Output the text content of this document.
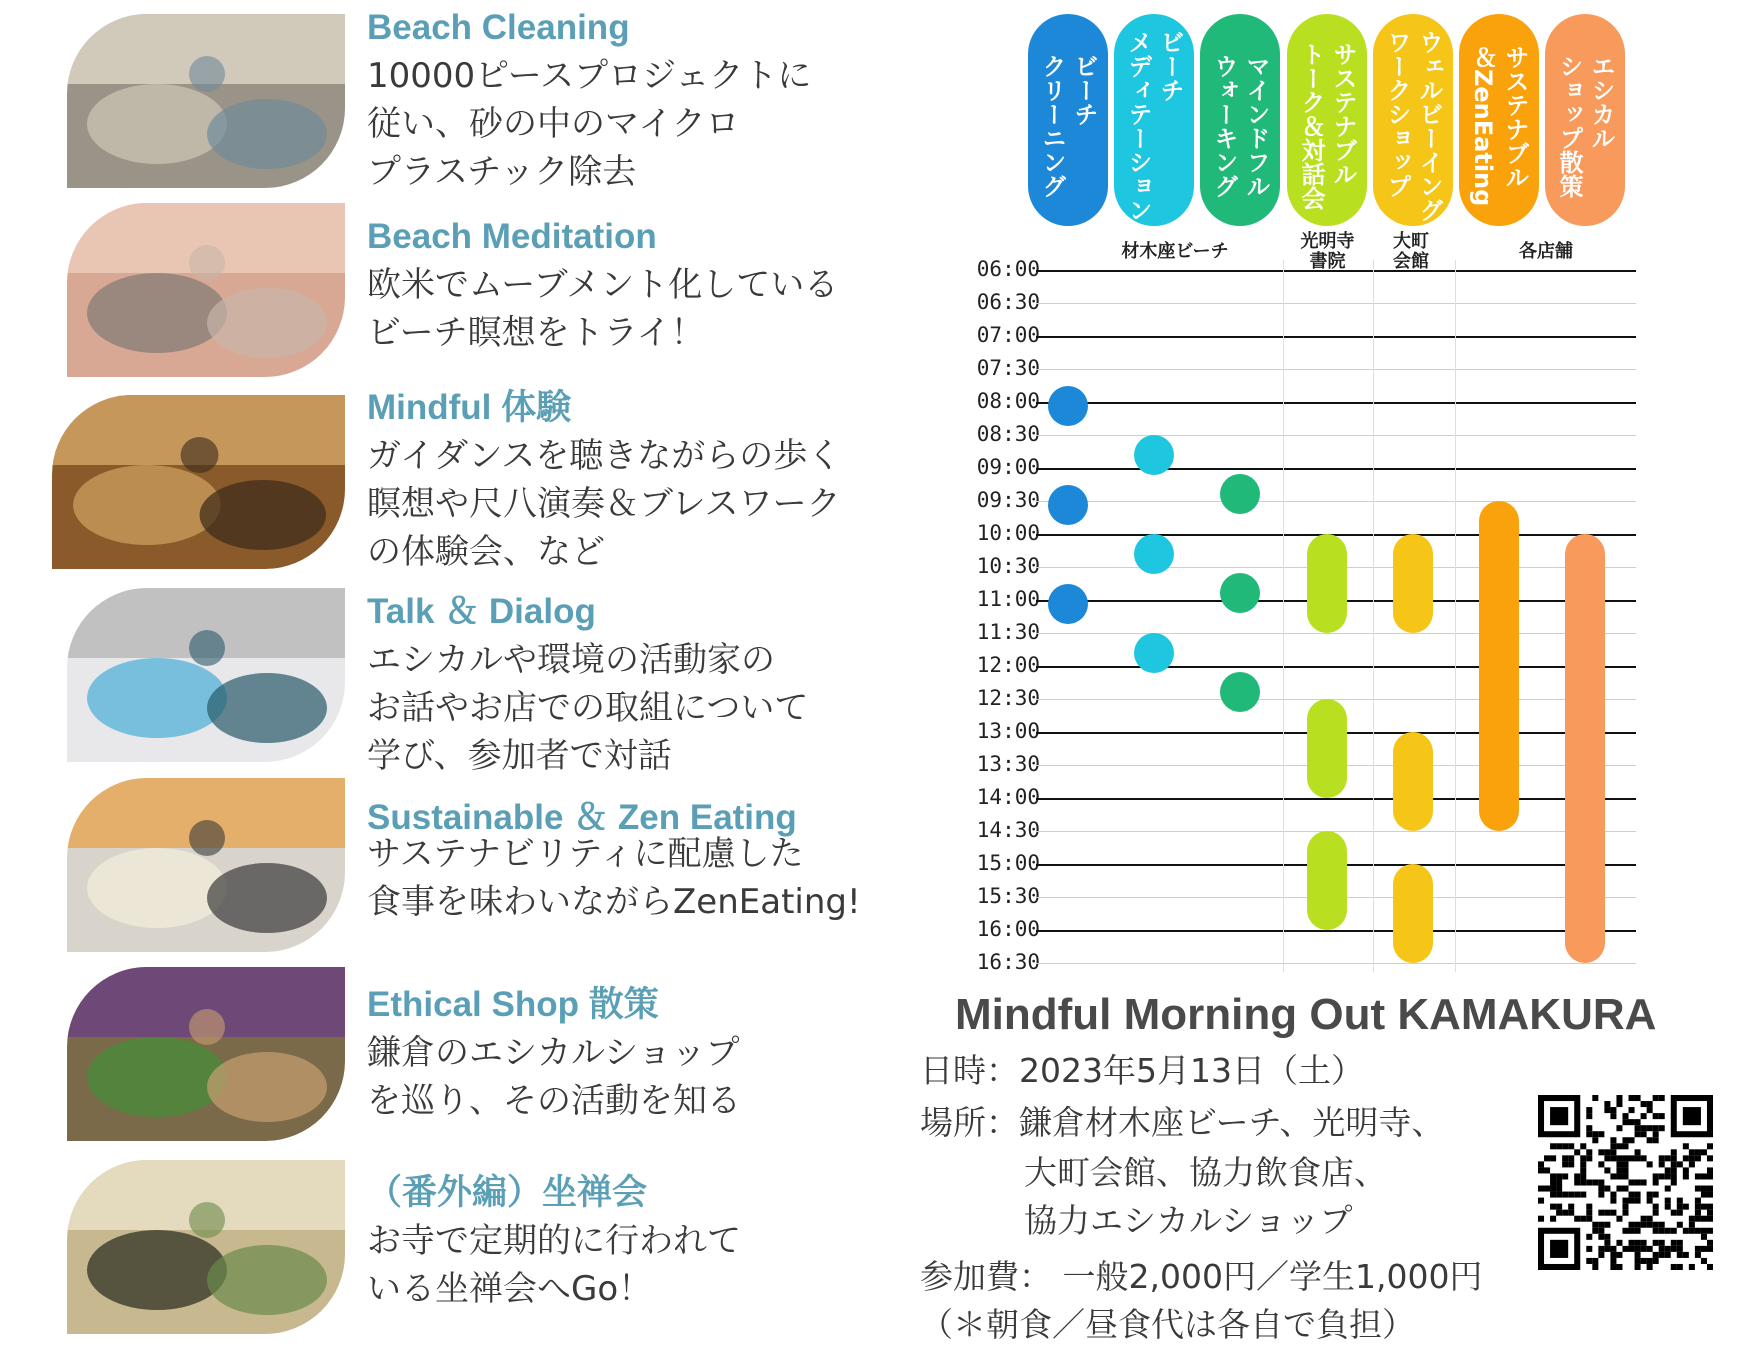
Beach Cleaning
10000ピースプロジェクトに
従い、砂の中のマイクロ
プラスチック除去
Beach Meditation
欧米でムーブメント化している
ビーチ瞑想をトライ！
Mindful 体験
ガイダンスを聴きながらの歩く
瞑想や尺八演奏＆ブレスワーク
の体験会、など
Talk ＆ Dialog
エシカルや環境の活動家の
お話やお店での取組について
学び、参加者で対話
Sustainable ＆ Zen Eating
サステナビリティに配慮した
食事を味わいながらZenEating!
Ethical Shop 散策
鎌倉のエシカルショップ
を巡り、その活動を知る
（番外編）坐禅会
お寺で定期的に行われて
いる坐禅会へGo！
ビーチ
クリーニング	ビーチ
メディテーション	マインドフル
ウォーキング	サステナブル
トーク＆対話会	ウェルビーイング
ワークショップ	サステナブル
＆ZenEating	エシカル
ショップ散策
材木座ビーチ	光明寺
書院
大町
会館	各店舗
06:00
06:30
07:00
07:30
08:00
08:30
09:00
09:30
10:00
10:30
11:00
11:30
12:00
12:30
13:00
13:30
14:00
14:30
15:00
15:30
16:00
16:30
Mindful Morning Out KAMAKURA
日時：2023年5月13日（土）
場所：鎌倉材木座ビーチ、光明寺、
大町会館、協力飲食店、
協力エシカルショップ
参加費： 一般2,000円／学生1,000円
（＊朝食／昼食代は各自で負担）
